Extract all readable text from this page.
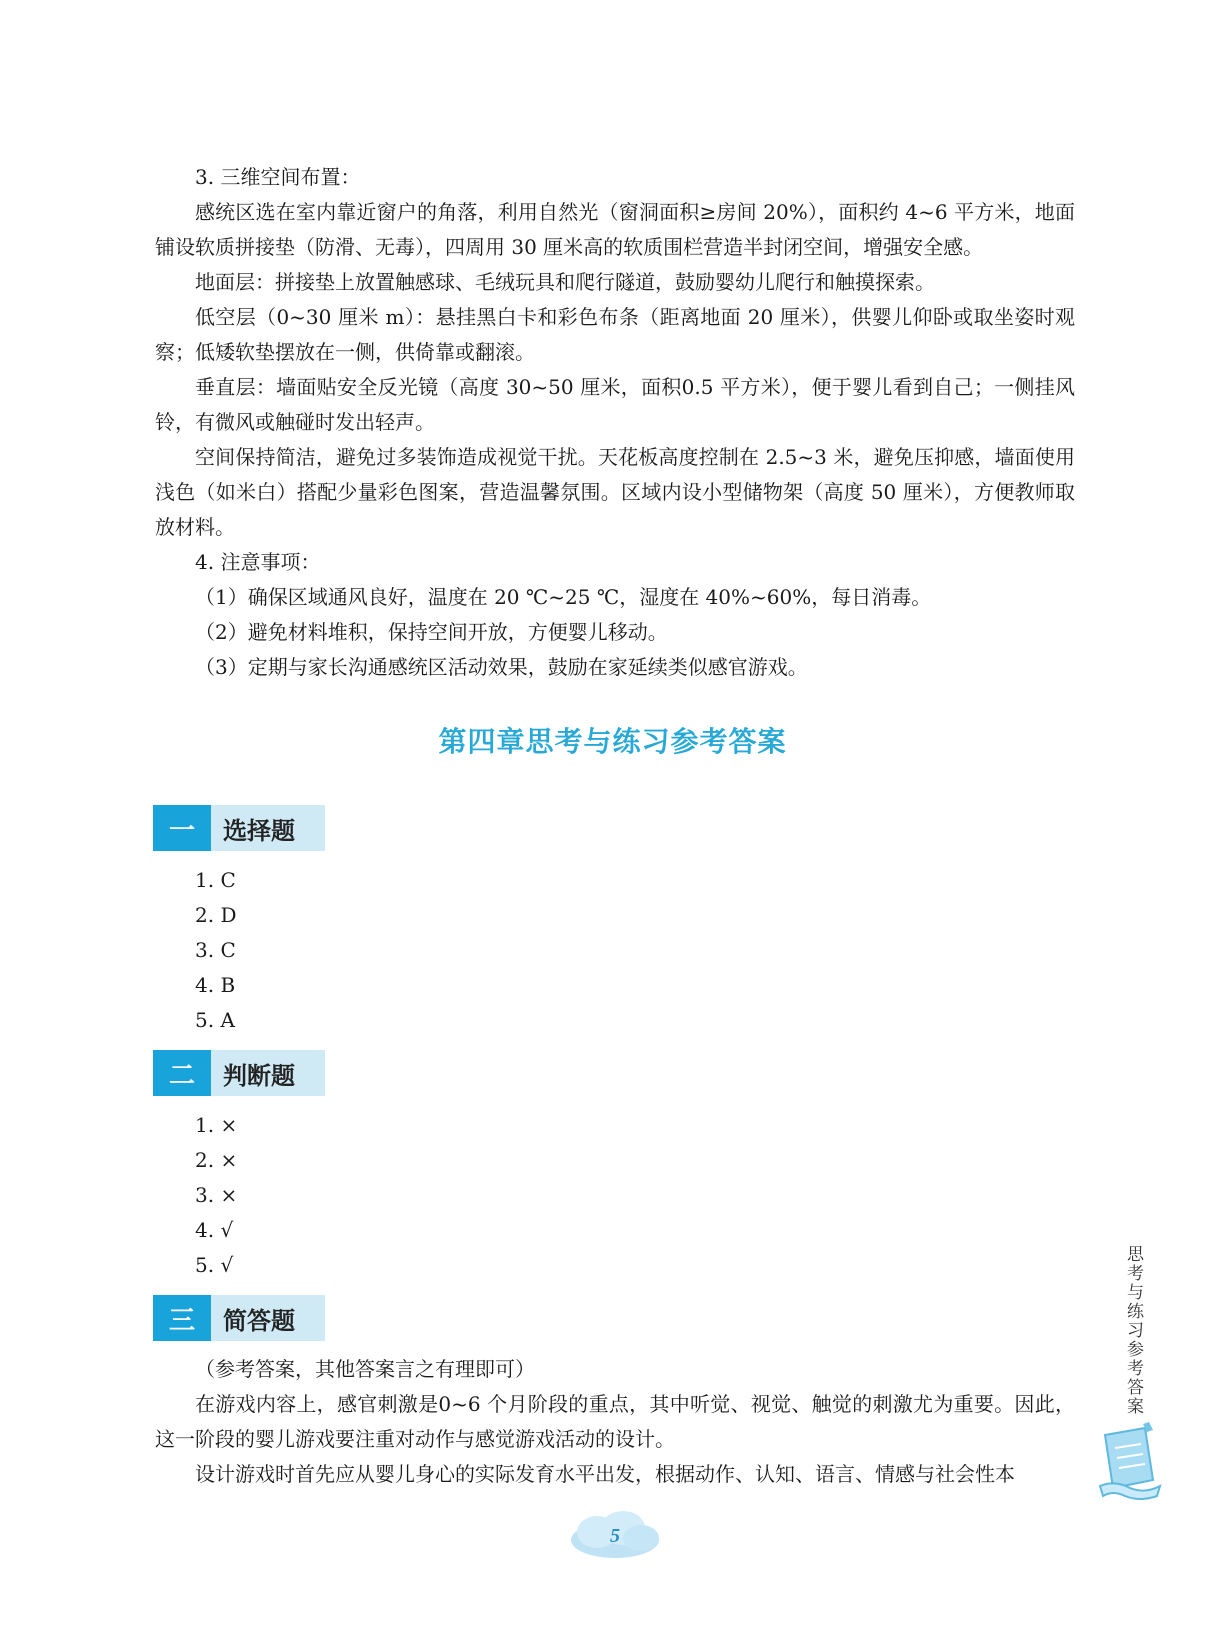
3. 三维空间布置：

感统区选在室内靠近窗户的角落，利用自然光（窗洞面积≥房间 20%），面积约 4~6 平方米，地面铺设软质拼接垫（防滑、无毒），四周用 30 厘米高的软质围栏营造半封闭空间，增强安全感。

地面层：拼接垫上放置触感球、毛绒玩具和爬行隧道，鼓励婴幼儿爬行和触摸探索。

低空层（0~30 厘米 m）：悬挂黑白卡和彩色布条（距离地面 20 厘米），供婴儿仰卧或取坐姿时观察；低矮软垫摆放在一侧，供倚靠或翻滚。

垂直层：墙面贴安全反光镜（高度 30~50 厘米，面积0.5 平方米），便于婴儿看到自己；一侧挂风铃，有微风或触碰时发出轻声。

空间保持简洁，避免过多装饰造成视觉干扰。天花板高度控制在 2.5~3 米，避免压抑感，墙面使用浅色（如米白）搭配少量彩色图案，营造温馨氛围。区域内设小型储物架（高度 50 厘米），方便教师取放材料。

4. 注意事项：

（1）确保区域通风良好，温度在 20 ℃~25 ℃，湿度在 40%~60%，每日消毒。

（2）避免材料堆积，保持空间开放，方便婴儿移动。

（3）定期与家长沟通感统区活动效果，鼓励在家延续类似感官游戏。

第四章思考与练习参考答案
一	选择题

1. C

2. D

3. C

4. B

5. A

二	判断题

1. ×

2. ×

3. ×

4. √

5. √

三	简答题

（参考答案，其他答案言之有理即可）

在游戏内容上，感官刺激是0~6 个月阶段的重点，其中听觉、视觉、触觉的刺激尤为重要。因此，这一阶段的婴儿游戏要注重对动作与感觉游戏活动的设计。

设计游戏时首先应从婴儿身心的实际发育水平出发，根据动作、认知、语言、情感与社会性本

思考与练习参考答案
5
